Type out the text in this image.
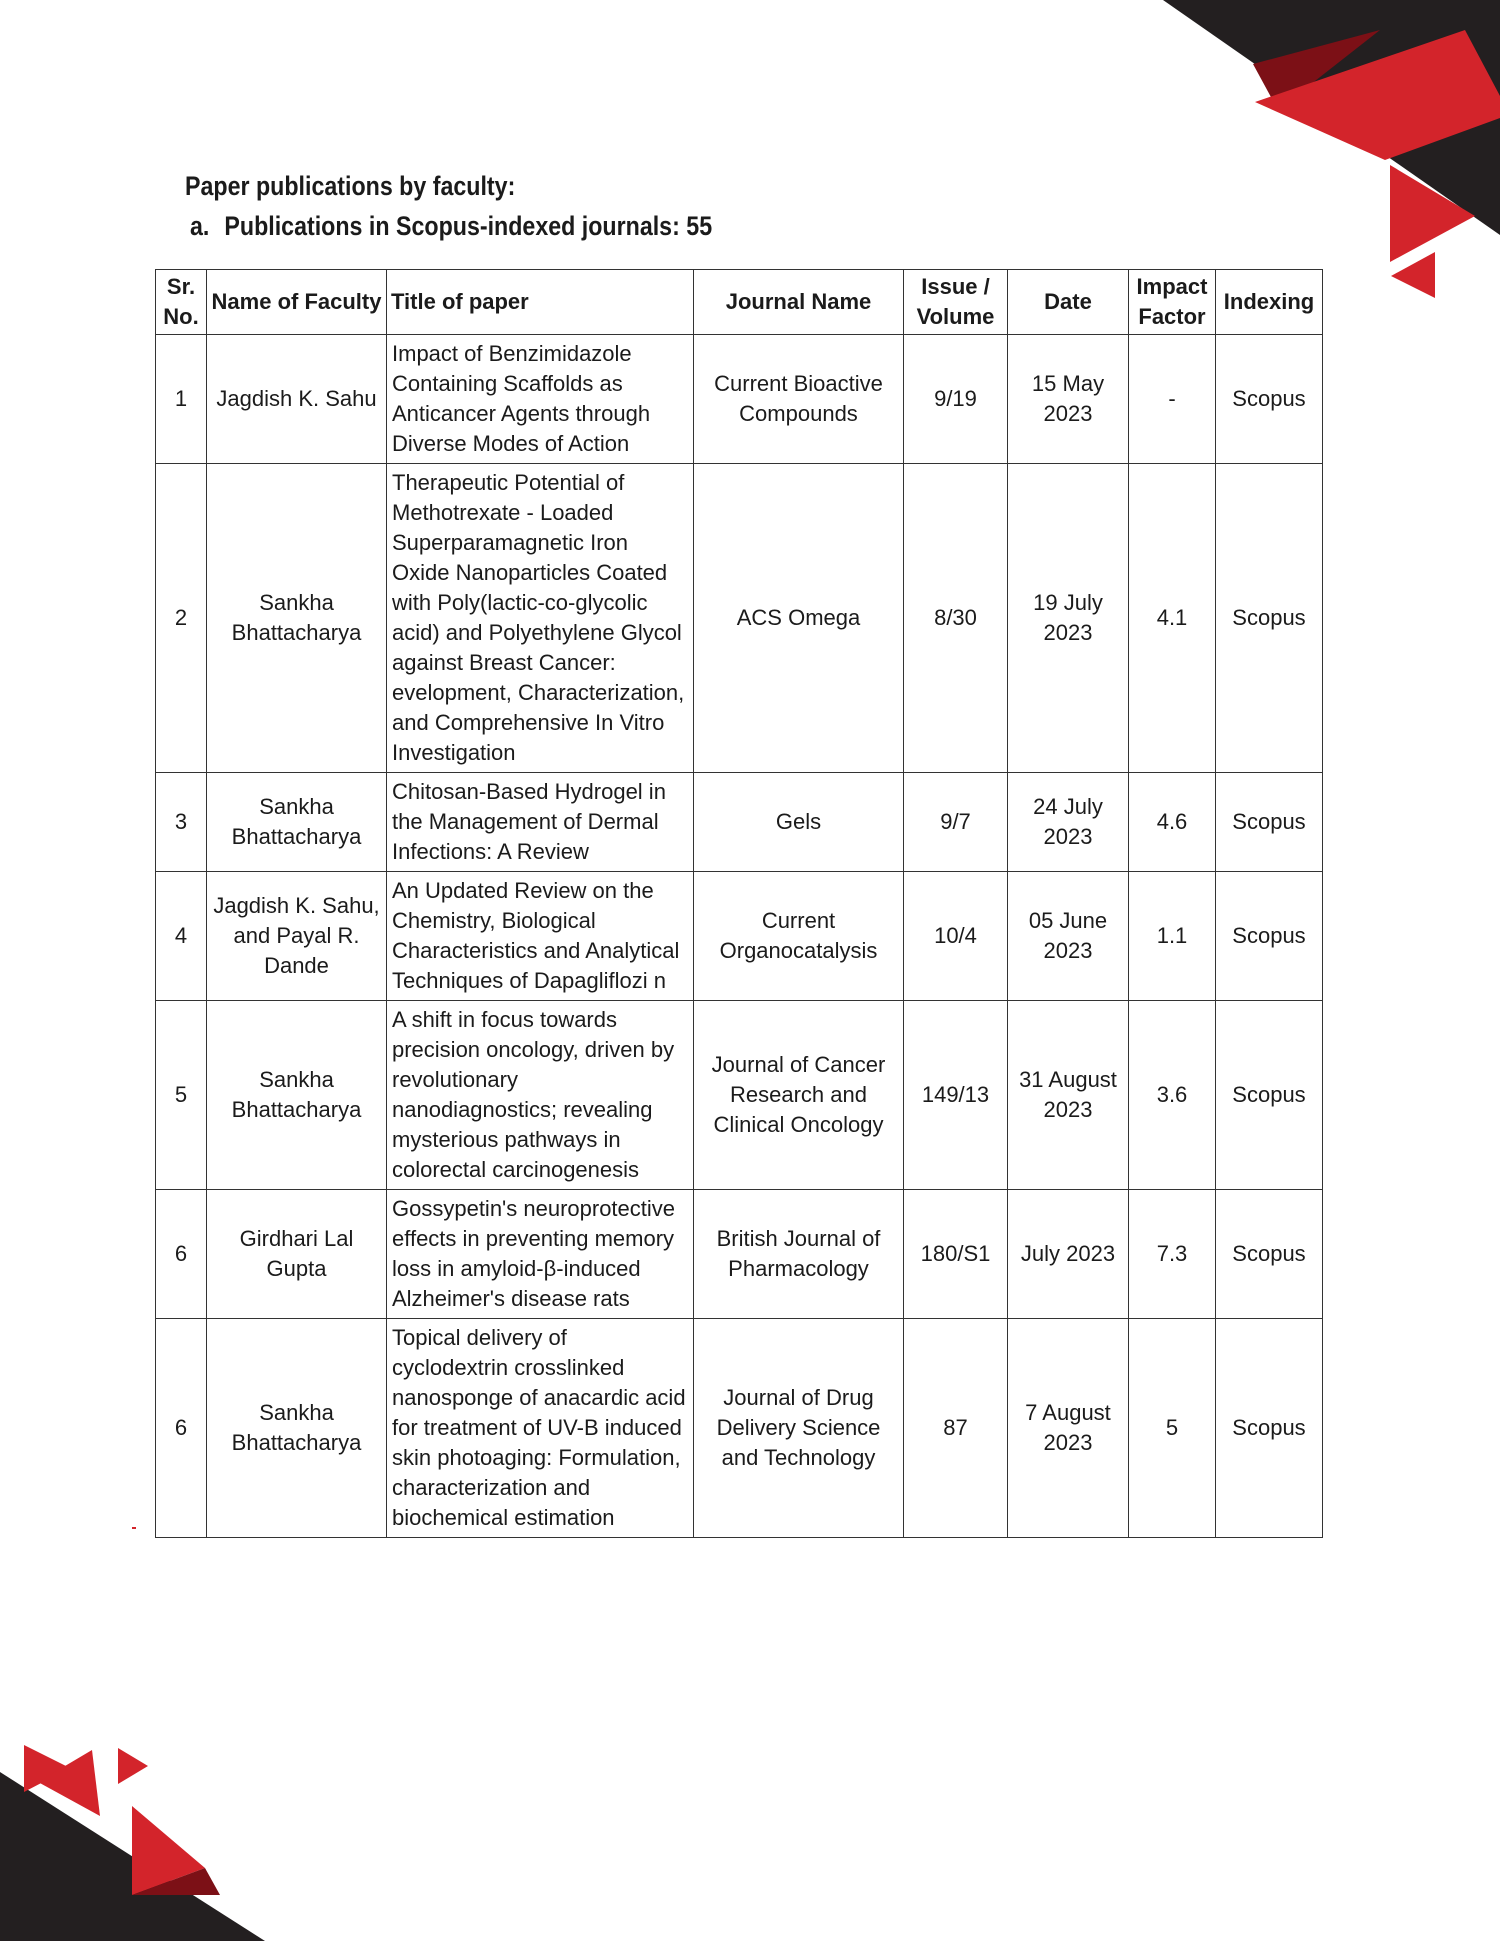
Paper publications by faculty:
a. Publications in Scopus-indexed journals: 55
Sr. No.	Name of Faculty	Title of paper	Journal Name	Issue / Volume	Date	Impact Factor	Indexing
1	Jagdish K. Sahu	Impact of Benzimidazole Containing Scaffolds as Anticancer Agents through Diverse Modes of Action	Current Bioactive Compounds	9/19	15 May 2023	-	Scopus
2	Sankha Bhattacharya	Therapeutic Potential of Methotrexate - Loaded Superparamagnetic Iron Oxide Nanoparticles Coated with Poly(lactic-co-glycolic acid) and Polyethylene Glycol against Breast Cancer: evelopment, Characterization, and Comprehensive In Vitro Investigation	ACS Omega	8/30	19 July 2023	4.1	Scopus
3	Sankha Bhattacharya	Chitosan-Based Hydrogel in the Management of Dermal Infections: A Review	Gels	9/7	24 July 2023	4.6	Scopus
4	Jagdish K. Sahu, and Payal R. Dande	An Updated Review on the Chemistry, Biological Characteristics and Analytical Techniques of Dapagliflozi n	Current Organocatalysis	10/4	05 June 2023	1.1	Scopus
5	Sankha Bhattacharya	A shift in focus towards precision oncology, driven by revolutionary nanodiagnostics; revealing mysterious pathways in colorectal carcinogenesis	Journal of Cancer Research and Clinical Oncology	149/13	31 August 2023	3.6	Scopus
6	Girdhari Lal Gupta	Gossypetin's neuroprotective effects in preventing memory loss in amyloid-β-induced Alzheimer's disease rats	British Journal of Pharmacology	180/S1	July 2023	7.3	Scopus
6	Sankha Bhattacharya	Topical delivery of cyclodextrin crosslinked nanosponge of anacardic acid for treatment of UV-B induced skin photoaging: Formulation, characterization and biochemical estimation	Journal of Drug Delivery Science and Technology	87	7 August 2023	5	Scopus
